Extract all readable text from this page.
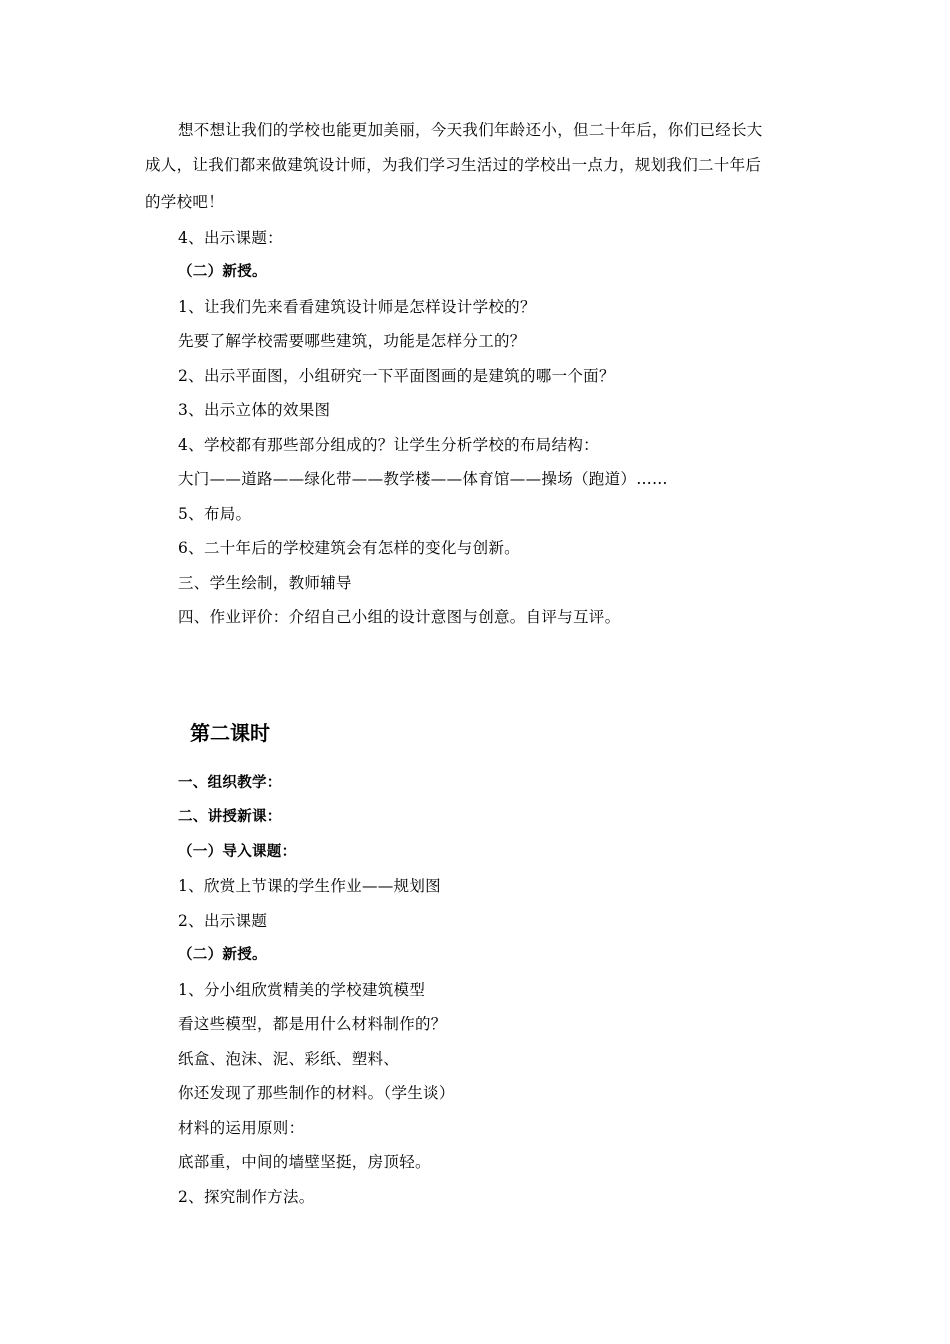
想不想让我们的学校也能更加美丽，今天我们年龄还小，但二十年后，你们已经长大
成人，让我们都来做建筑设计师，为我们学习生活过的学校出一点力，规划我们二十年后
的学校吧！
4、出示课题：
（二）新授。
1、让我们先来看看建筑设计师是怎样设计学校的？
先要了解学校需要哪些建筑，功能是怎样分工的？
2、出示平面图，小组研究一下平面图画的是建筑的哪一个面？
3、出示立体的效果图
4、学校都有那些部分组成的？让学生分析学校的布局结构：
大门——道路——绿化带——教学楼——体育馆——操场（跑道）……
5、布局。
6、二十年后的学校建筑会有怎样的变化与创新。
三、学生绘制，教师辅导
四、作业评价：介绍自己小组的设计意图与创意。自评与互评。
第二课时
一、组织教学：
二、讲授新课：
（一）导入课题：
1、欣赏上节课的学生作业——规划图
2、出示课题
（二）新授。
1、分小组欣赏精美的学校建筑模型
看这些模型，都是用什么材料制作的？
纸盒、泡沫、泥、彩纸、塑料、
你还发现了那些制作的材料。（学生谈）
材料的运用原则：
底部重，中间的墙壁坚挺，房顶轻。
2、探究制作方法。
